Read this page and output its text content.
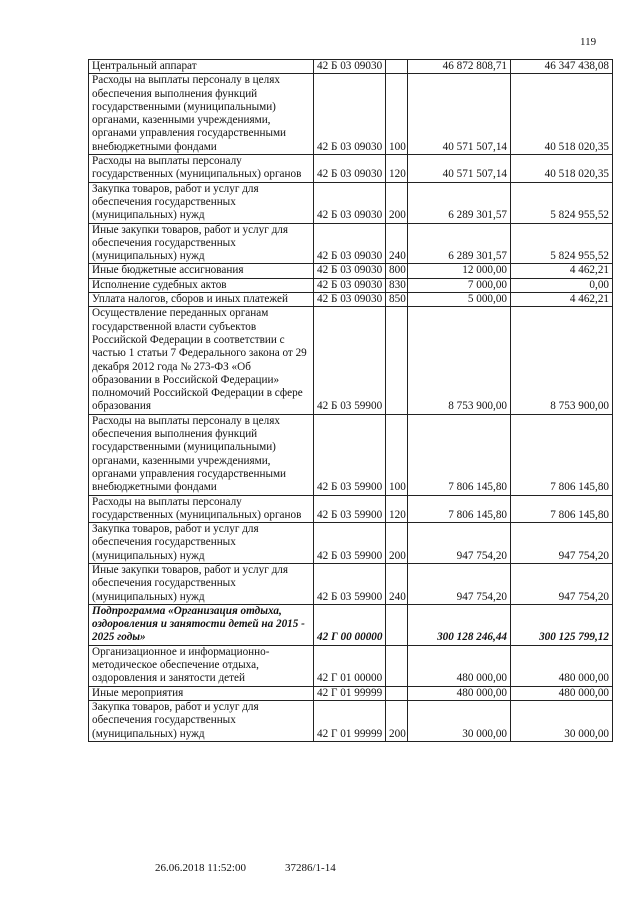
119
Центральный аппарат	42 Б 03 09030		46 872 808,71	46 347 438,08
Расходы на выплаты персоналу в целях обеспечения выполнения функций государственными (муниципальными) органами, казенными учреждениями, органами управления государственными внебюджетными фондами	42 Б 03 09030	100	40 571 507,14	40 518 020,35
Расходы на выплаты персоналу государственных (муниципальных) органов	42 Б 03 09030	120	40 571 507,14	40 518 020,35
Закупка товаров, работ и услуг для обеспечения государственных (муниципальных) нужд	42 Б 03 09030	200	6 289 301,57	5 824 955,52
Иные закупки товаров, работ и услуг для обеспечения государственных (муниципальных) нужд	42 Б 03 09030	240	6 289 301,57	5 824 955,52
Иные бюджетные ассигнования	42 Б 03 09030	800	12 000,00	4 462,21
Исполнение судебных актов	42 Б 03 09030	830	7 000,00	0,00
Уплата налогов, сборов и иных платежей	42 Б 03 09030	850	5 000,00	4 462,21
Осуществление переданных органам государственной власти субъектов Российской Федерации в соответствии с частью 1 статьи 7 Федерального закона от 29 декабря 2012 года № 273-ФЗ «Об образовании в Российской Федерации» полномочий Российской Федерации в сфере образования	42 Б 03 59900		8 753 900,00	8 753 900,00
Расходы на выплаты персоналу в целях обеспечения выполнения функций государственными (муниципальными) органами, казенными учреждениями, органами управления государственными внебюджетными фондами	42 Б 03 59900	100	7 806 145,80	7 806 145,80
Расходы на выплаты персоналу государственных (муниципальных) органов	42 Б 03 59900	120	7 806 145,80	7 806 145,80
Закупка товаров, работ и услуг для обеспечения государственных (муниципальных) нужд	42 Б 03 59900	200	947 754,20	947 754,20
Иные закупки товаров, работ и услуг для обеспечения государственных (муниципальных) нужд	42 Б 03 59900	240	947 754,20	947 754,20
Подпрограмма «Организация отдыха, оздоровления и занятости детей на 2015 - 2025 годы»	42 Г 00 00000		300 128 246,44	300 125 799,12
Организационное и информационно-методическое обеспечение отдыха, оздоровления и занятости детей	42 Г 01 00000		480 000,00	480 000,00
Иные мероприятия	42 Г 01 99999		480 000,00	480 000,00
Закупка товаров, работ и услуг для обеспечения государственных (муниципальных) нужд	42 Г 01 99999	200	30 000,00	30 000,00
26.06.2018 11:52:00	37286/1-14
